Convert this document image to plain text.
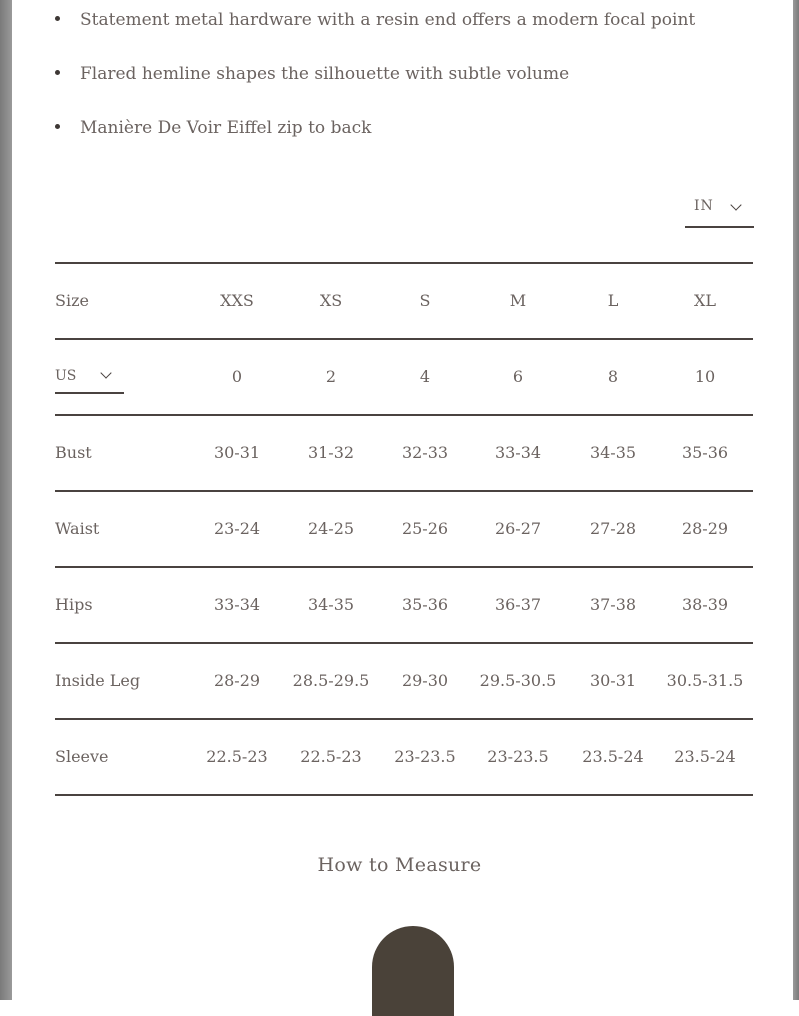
Statement metal hardware with a resin end offers a modern focal point
Flared hemline shapes the silhouette with subtle volume
Manière De Voir Eiffel zip to back
IN
Size	XXS	XS	S	M	L	XL
US	0	2	4	6	8	10
Bust	30-31	31-32	32-33	33-34	34-35	35-36
Waist	23-24	24-25	25-26	26-27	27-28	28-29
Hips	33-34	34-35	35-36	36-37	37-38	38-39
Inside Leg	28-29	28.5-29.5	29-30	29.5-30.5	30-31	30.5-31.5
Sleeve	22.5-23	22.5-23	23-23.5	23-23.5	23.5-24	23.5-24
How to Measure
